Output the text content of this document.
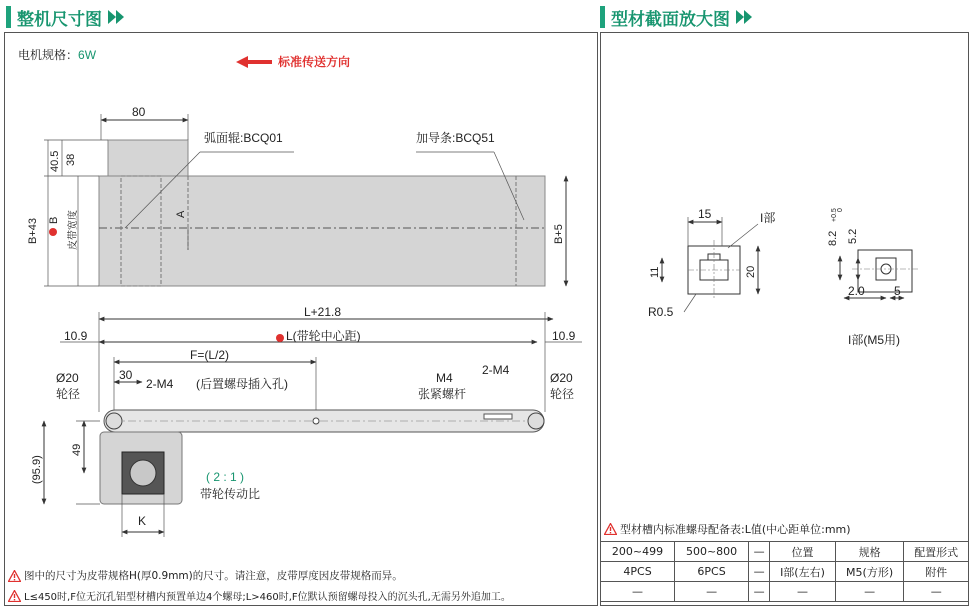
整机尺寸图	型材截面放大图
电机规格：6W	标准传送方向
80
40.5 38
B+43 B 皮带宽度	A
B+5
弧面辊:BCQ01	加导条:BCQ51
L+21.8
L(带轮中心距)
10.9	10.9
F=(L/2)
30
2-M4 (后置螺母插入孔)	M4
张紧螺杆
2-M4
Ø20
轮径
Ø20
轮径
(95.9)
49
( 2 : 1 )
带轮传动比
K
图中的尺寸为皮带规格H(厚0.9mm)的尺寸。请注意，皮带厚度因皮带规格而异。
L≤450时,F位无沉孔铝型材槽内预置单边4个螺母;L>460时,F位默认预留螺母投入的沉头孔,无需另外追加工。
15	I部
11	20
R0.5
8.2
+0.5 0
5.2
2.0 5
I部(M5用)
型材槽内标准螺母配备表:L值(中心距单位:mm)
200~499	500~800	—	位置	规格	配置形式
4PCS	6PCS	—	I部(左右)	M5(方形)	附件
—	—	—	—	—	—
